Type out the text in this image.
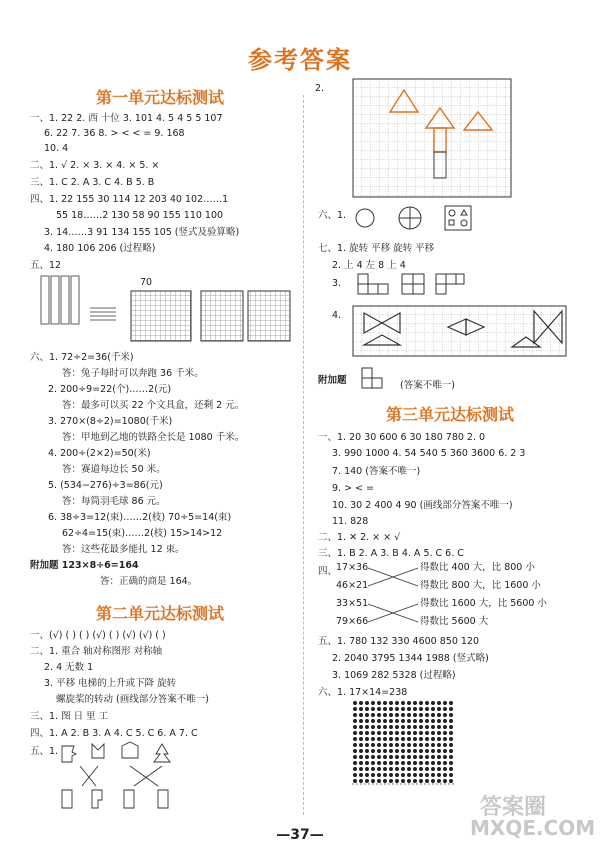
参考答案
第一单元达标测试
一、1. 22 2. 西 十位 3. 101 4. 5 4 5 5 107
6. 22 7. 36 8. > < < = 9. 168
10. 4
二、1. √ 2. × 3. × 4. × 5. ×
三、1. C 2. A 3. C 4. B 5. B
四、1. 22 155 30 114 12 203 40 102……1
55 18……2 130 58 90 155 110 100
3. 14……3 91 134 155 105 (竖式及验算略)
4. 180 106 206 (过程略)
五、12
70
六、1. 72÷2=36(千米)
答：兔子每时可以奔跑 36 千米。
2. 200÷9=22(个)……2(元)
答：最多可以买 22 个文具盒，还剩 2 元。
3. 270×(8÷2)=1080(千米)
答：甲地到乙地的铁路全长是 1080 千米。
4. 200÷(2×2)=50(米)
答：赛道每边长 50 米。
5. (534−276)÷3=86(元)
答：每筒羽毛球 86 元。
6. 38÷3=12(束)……2(枝) 70÷5=14(束)
62÷4=15(束)……2(枝) 15>14>12
答：这些花最多能扎 12 束。
附加题 123×8÷6=164
答：正确的商是 164。
第二单元达标测试
一、(√) ( ) ( ) (√) ( ) (√) (√) ( )
二、1. 重合 轴对称图形 对称轴
2. 4 无数 1
3. 平移 电梯的上升或下降 旋转
螺旋桨的转动 (画线部分答案不唯一)
三、1. 图 日 里 工
四、1. A 2. B 3. A 4. C 5. C 6. A 7. C
五、1.
2.
六、1.
七、1. 旋转 平移 旋转 平移
2. 上 4 左 8 上 4
3.
4.
附加题	(答案不唯一)
第三单元达标测试
一、1. 20 30 600 6 30 180 780 2. 0
3. 990 1000 4. 54 540 5 360 3600 6. 2 3
7. 140 (答案不唯一)
9. > < =
10. 30 2 400 4 90 (画线部分答案不唯一)
11. 828
二、1. ✕ 2. × × √
三、1. B 2. A 3. B 4. A 5. C 6. C
四、
17×36
46×21
33×51
79×66
得数比 400 大，比 800 小
得数比 800 大，比 1600 小
得数比 1600 大，比 5600 小
得数比 5600 大
五、1. 780 132 330 4600 850 120
2. 2040 3795 1344 1988 (竖式略)
3. 1069 282 5328 (过程略)
六、1. 17×14=238
答案圈
MXQE.COM
—37—
